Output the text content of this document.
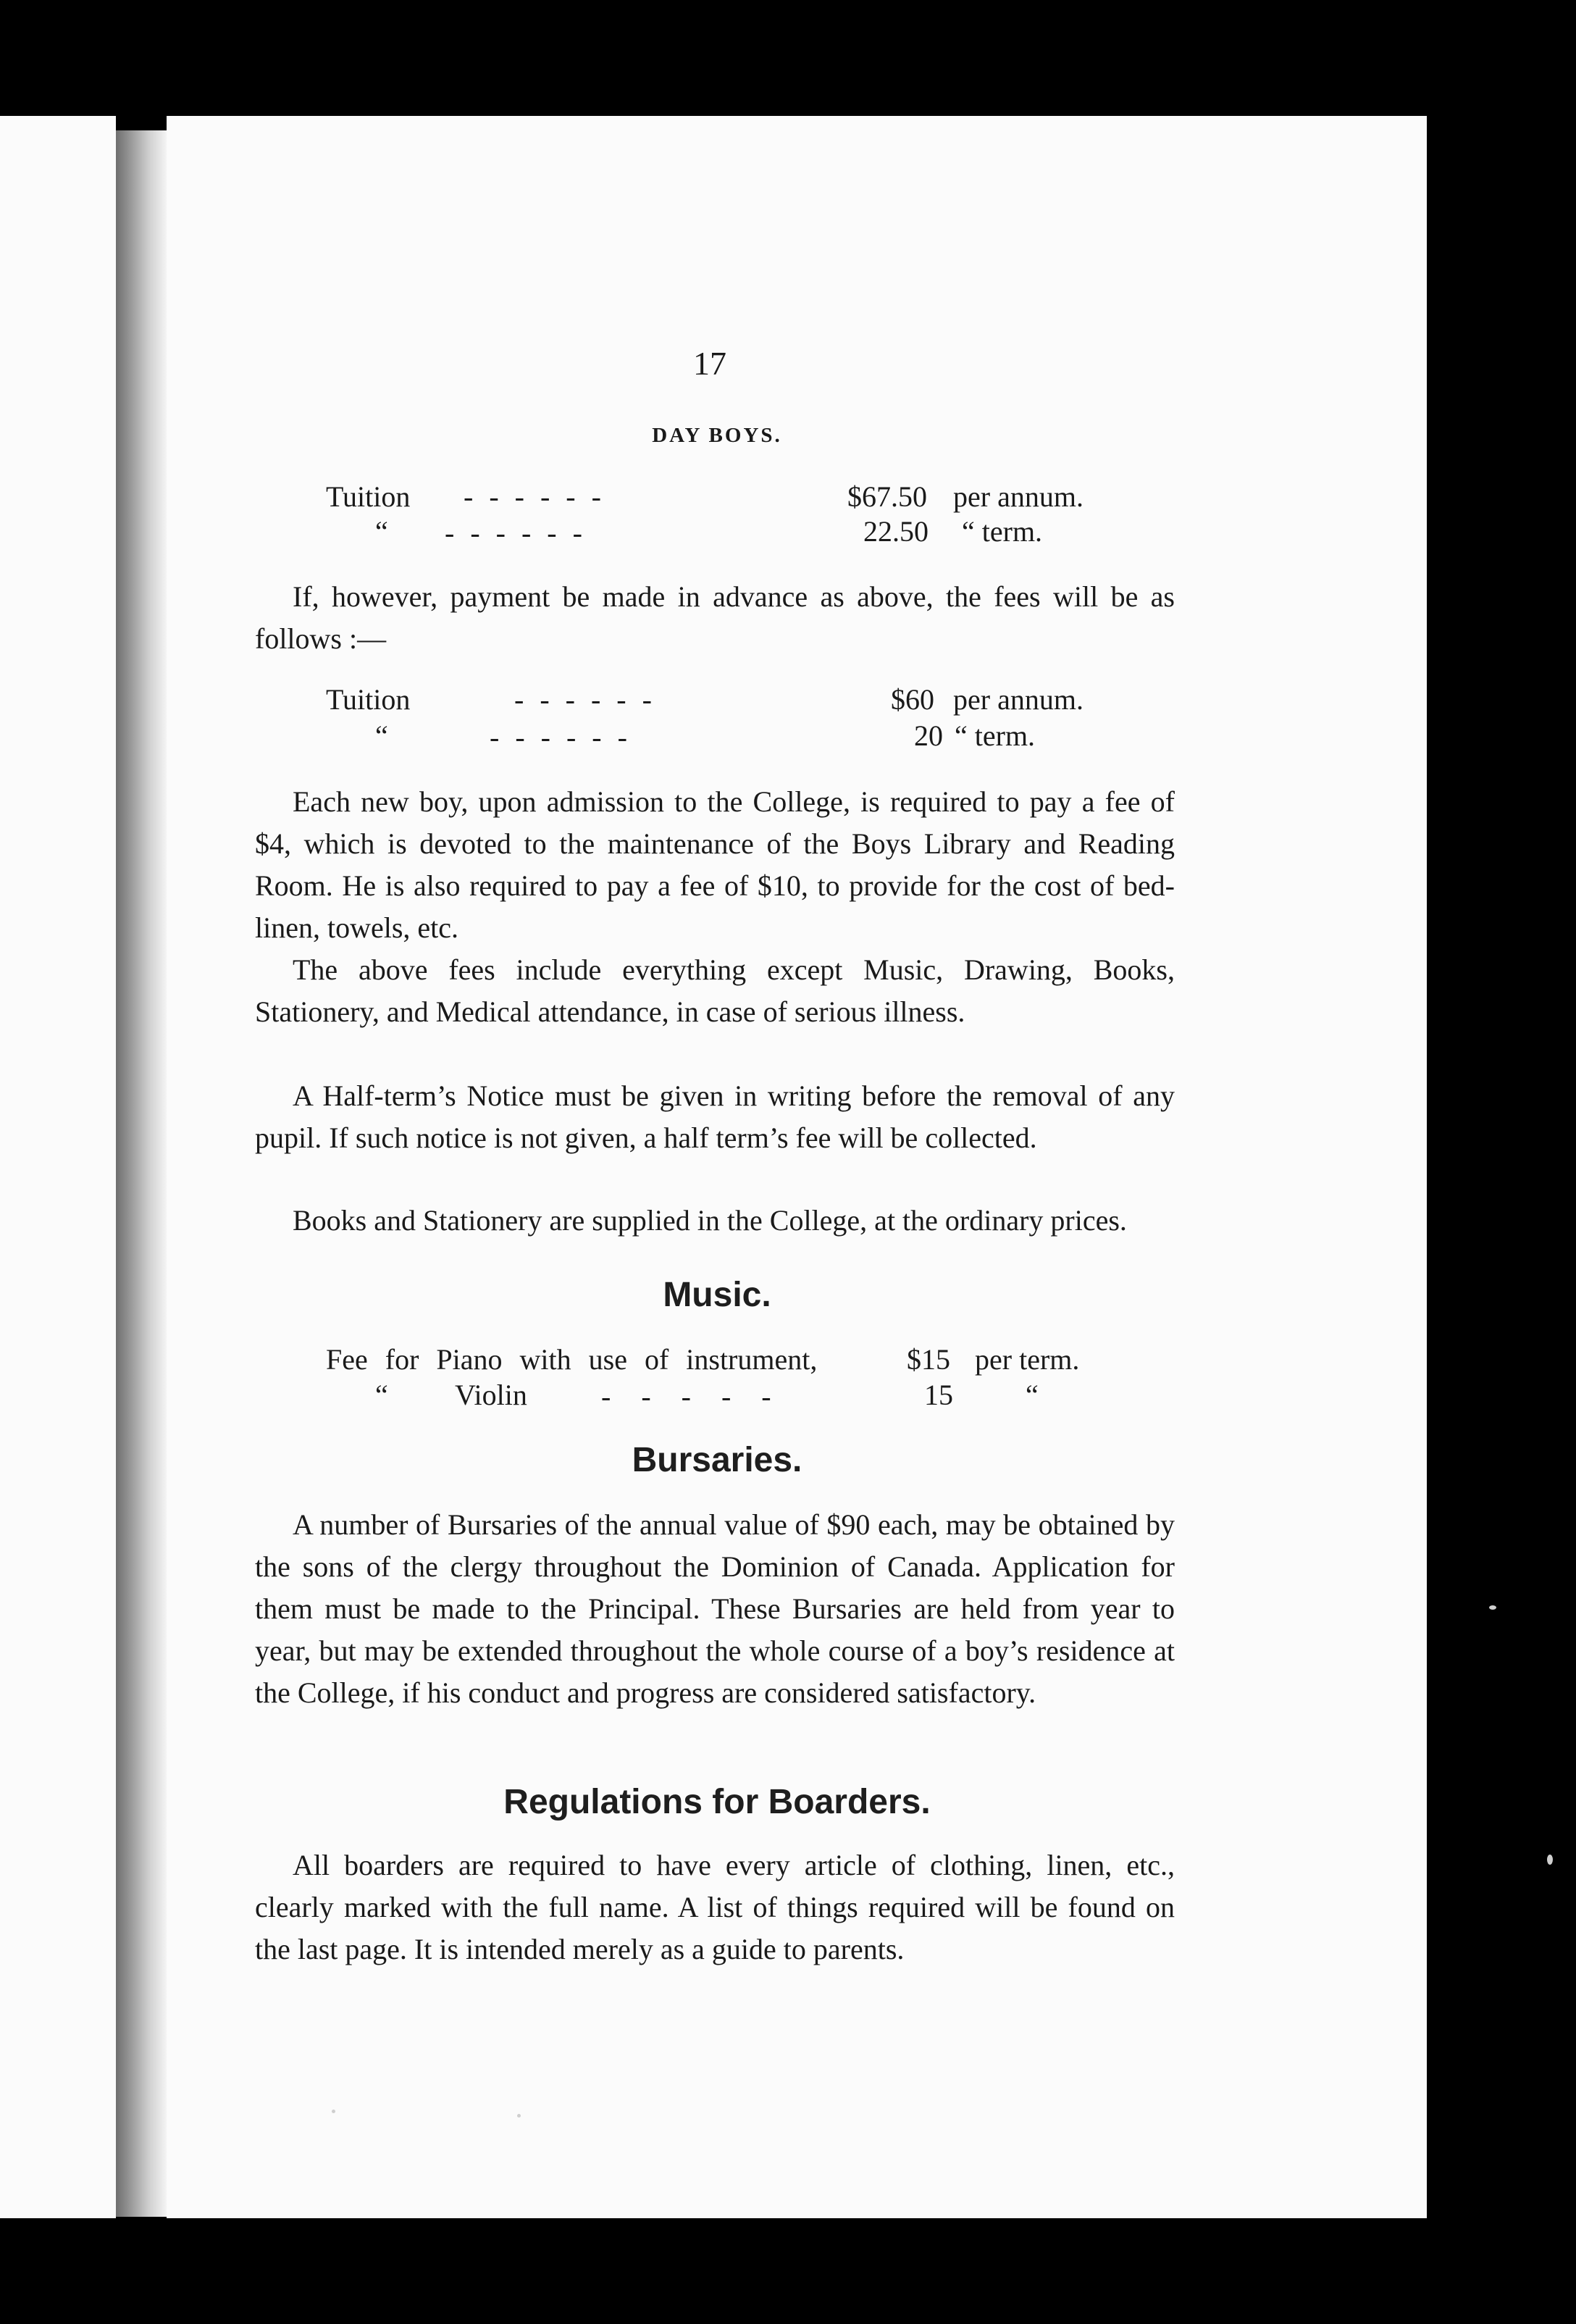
17
DAY BOYS.
Tuition - - - - - -	$67.50 per annum.
“ - - - - - -	22.50 “ term.
If, however, payment be made in advance as above, the fees will be as follows :—
Tuition	- - - - - -	$60 per annum.
“	- - - - - -	20 “ term.
Each new boy, upon admission to the College, is required to pay a fee of $4, which is devoted to the maintenance of the Boys Library and Reading Room. He is also required to pay a fee of $10, to provide for the cost of bed-linen, towels, etc.
The above fees include everything except Music, Drawing, Books, Stationery, and Medical attendance, in case of serious illness.
A Half-term’s Notice must be given in writing before the removal of any pupil. If such notice is not given, a half term’s fee will be collected.
Books and Stationery are supplied in the College, at the ordinary prices.
Music.
Fee for Piano with use of instrument,	$15 per term.
“ Violin	- - - - -	15	“
Bursaries.
A number of Bursaries of the annual value of $90 each, may be obtained by the sons of the clergy throughout the Dominion of Canada. Application for them must be made to the Principal. These Bursaries are held from year to year, but may be extended throughout the whole course of a boy’s residence at the College, if his conduct and progress are considered satisfactory.
Regulations for Boarders.
All boarders are required to have every article of clothing, linen, etc., clearly marked with the full name. A list of things required will be found on the last page. It is intended merely as a guide to parents.
